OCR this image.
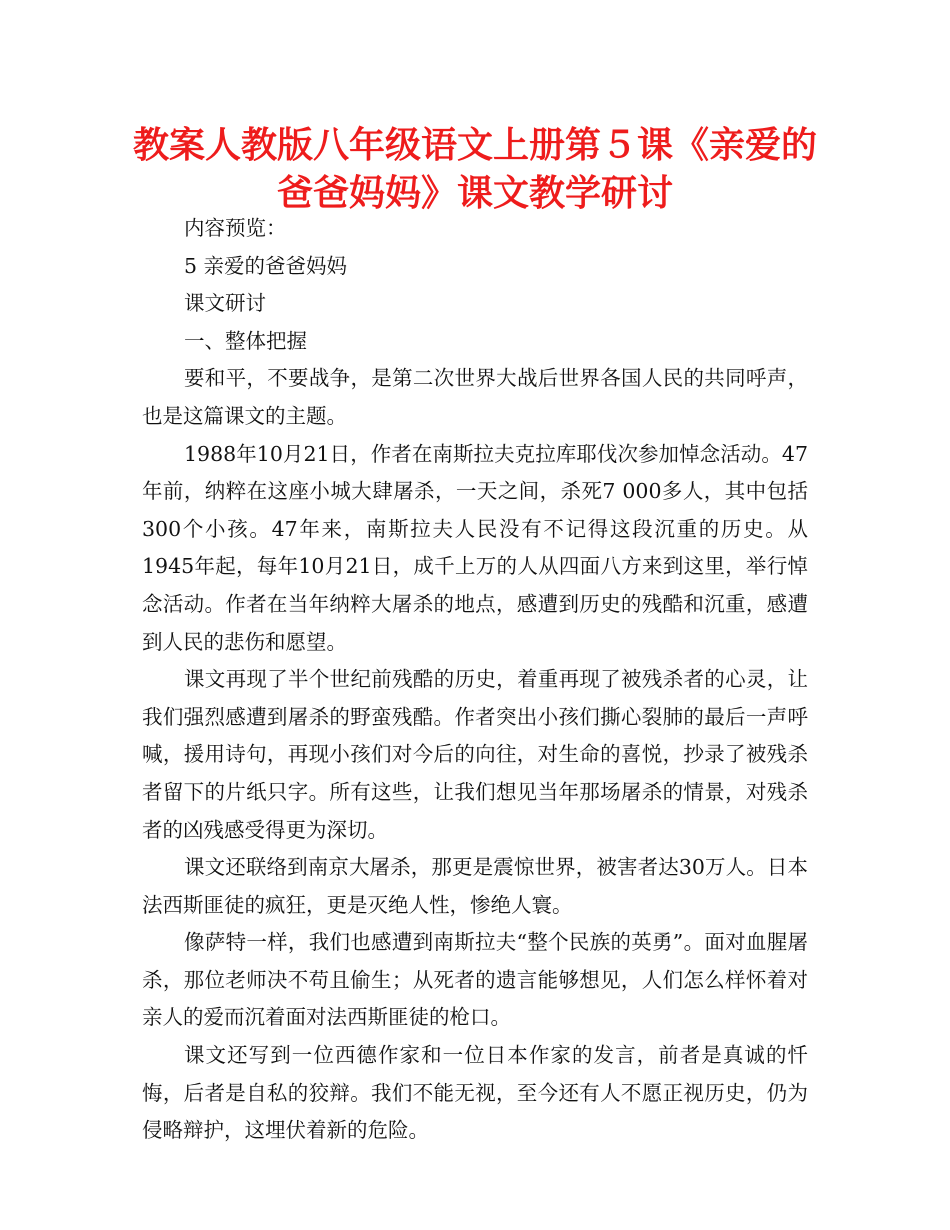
教案人教版八年级语文上册第５课《亲爱的爸爸妈妈》课文教学研讨

内容预览：

5 亲爱的爸爸妈妈

课文研讨

一、整体把握

要和平，不要战争，是第二次世界大战后世界各国人民的共同呼声，也是这篇课文的主题。

1988年10月21日，作者在南斯拉夫克拉库耶伐次参加悼念活动。47年前，纳粹在这座小城大肆屠杀，一天之间，杀死7 000多人，其中包括300个小孩。47年来，南斯拉夫人民没有不记得这段沉重的历史。从1945年起，每年10月21日，成千上万的人从四面八方来到这里，举行悼念活动。作者在当年纳粹大屠杀的地点，感遭到历史的残酷和沉重，感遭到人民的悲伤和愿望。

课文再现了半个世纪前残酷的历史，着重再现了被残杀者的心灵，让我们强烈感遭到屠杀的野蛮残酷。作者突出小孩们撕心裂肺的最后一声呼喊，援用诗句，再现小孩们对今后的向往，对生命的喜悦，抄录了被残杀者留下的片纸只字。所有这些，让我们想见当年那场屠杀的情景，对残杀者的凶残感受得更为深切。

课文还联络到南京大屠杀，那更是震惊世界，被害者达30万人。日本法西斯匪徒的疯狂，更是灭绝人性，惨绝人寰。

像萨特一样，我们也感遭到南斯拉夫“整个民族的英勇”。面对血腥屠杀，那位老师决不苟且偷生；从死者的遗言能够想见，人们怎么样怀着对亲人的爱而沉着面对法西斯匪徒的枪口。

课文还写到一位西德作家和一位日本作家的发言，前者是真诚的忏悔，后者是自私的狡辩。我们不能无视，至今还有人不愿正视历史，仍为侵略辩护，这埋伏着新的危险。
